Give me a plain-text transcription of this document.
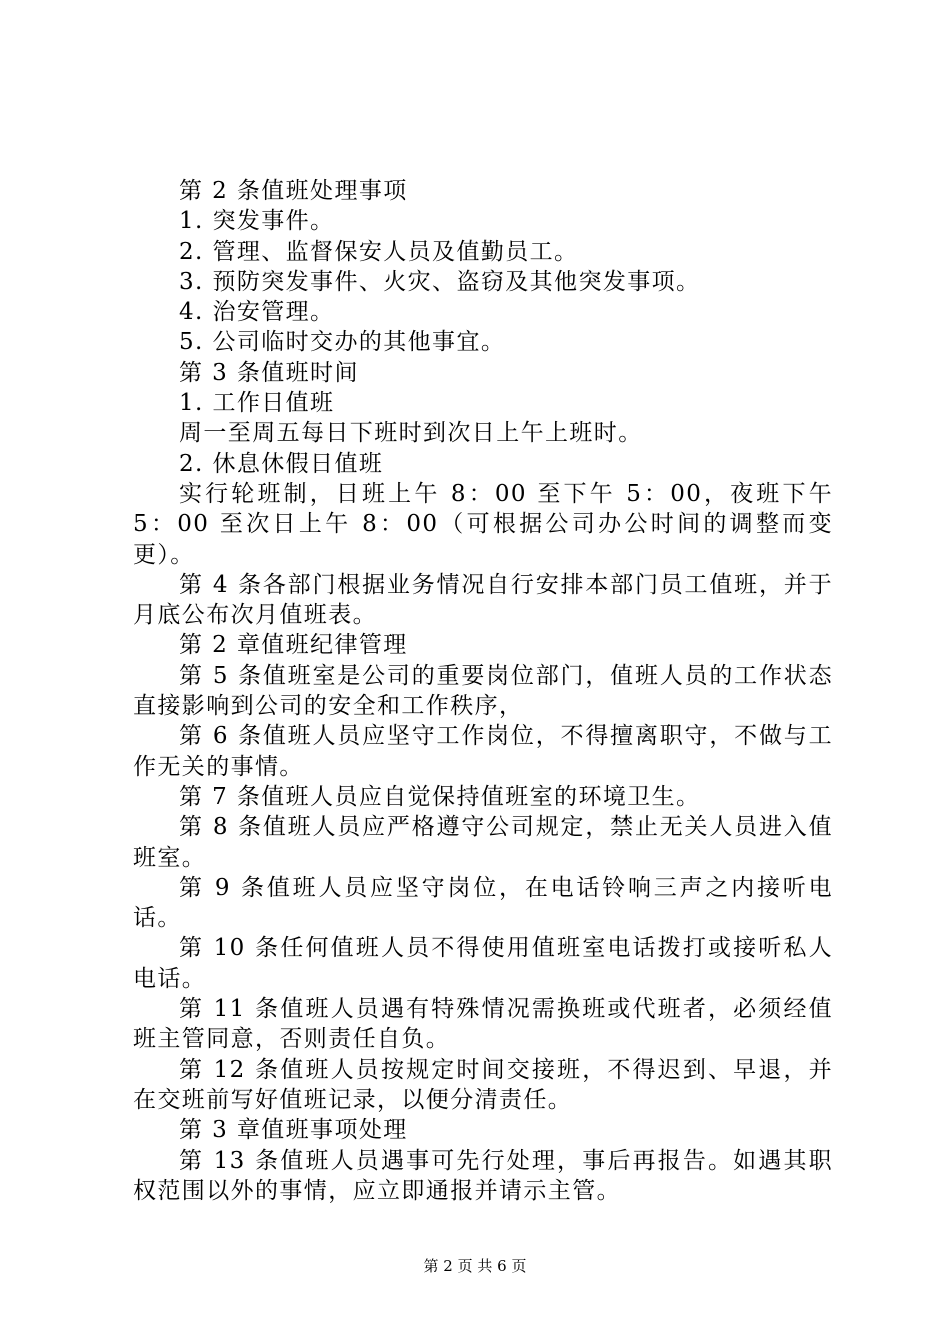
第 2 条值班处理事项

1. 突发事件。

2. 管理、监督保安人员及值勤员工。

3. 预防突发事件、火灾、盗窃及其他突发事项。

4. 治安管理。

5. 公司临时交办的其他事宜。

第 3 条值班时间

1. 工作日值班

周一至周五每日下班时到次日上午上班时。

2. 休息休假日值班

实行轮班制，日班上午 8：00 至下午 5：00，夜班下午 5：00 至次日上午 8：00（可根据公司办公时间的调整而变更）。

第 4 条各部门根据业务情况自行安排本部门员工值班，并于月底公布次月值班表。

第 2 章值班纪律管理

第 5 条值班室是公司的重要岗位部门，值班人员的工作状态直接影响到公司的安全和工作秩序，

第 6 条值班人员应坚守工作岗位，不得擅离职守，不做与工作无关的事情。

第 7 条值班人员应自觉保持值班室的环境卫生。

第 8 条值班人员应严格遵守公司规定，禁止无关人员进入值班室。

第 9 条值班人员应坚守岗位，在电话铃响三声之内接听电话。

第 10 条任何值班人员不得使用值班室电话拨打或接听私人电话。

第 11 条值班人员遇有特殊情况需换班或代班者，必须经值班主管同意，否则责任自负。

第 12 条值班人员按规定时间交接班，不得迟到、早退，并在交班前写好值班记录，以便分清责任。

第 3 章值班事项处理

第 13 条值班人员遇事可先行处理，事后再报告。如遇其职权范围以外的事情，应立即通报并请示主管。

第 2 页 共 6 页
